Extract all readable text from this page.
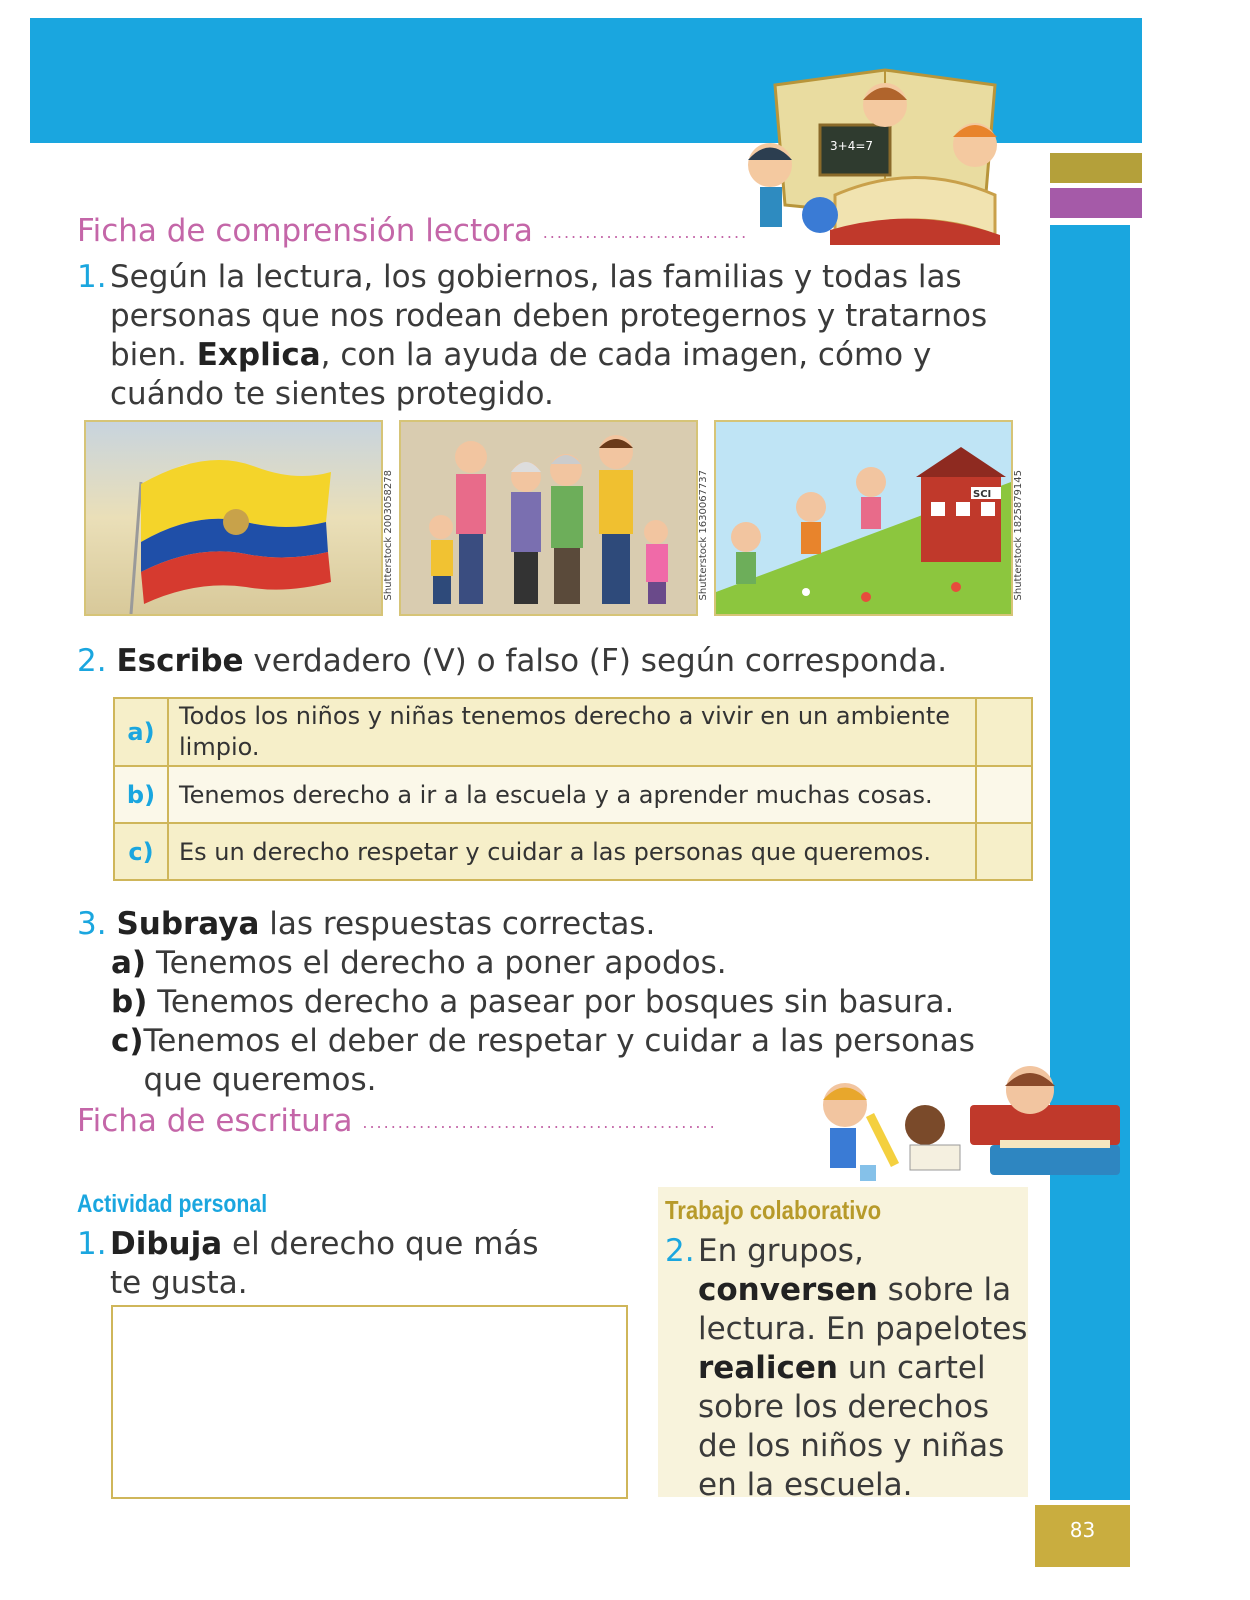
3+4=7
Ficha de comprensión lectora .............................
1. Según la lectura, los gobiernos, las familias y todas las personas que nos rodean deben protegernos y tratarnos bien. Explica, con la ayuda de cada imagen, cómo y cuándo te sientes protegido.
Shutterstock 2003058278	Shutterstock 1630067737	SCI Shutterstock 1825879145
2. Escribe verdadero (V) o falso (F) según corresponda.
a)	Todos los niños y niñas tenemos derecho a vivir en un ambiente limpio.	
b)	Tenemos derecho a ir a la escuela y a aprender muchas cosas.	
c)	Es un derecho respetar y cuidar a las personas que queremos.	
3. Subraya las respuestas correctas.
a) Tenemos el derecho a poner apodos.
b) Tenemos derecho a pasear por bosques sin basura.
c) Tenemos el deber de respetar y cuidar a las personas que queremos.
Ficha de escritura ..................................................
Actividad personal
1. Dibuja el derecho que más te gusta.
Trabajo colaborativo
2. En grupos, conversen sobre la lectura. En papelotes realicen un cartel sobre los derechos de los niños y niñas en la escuela.
83
